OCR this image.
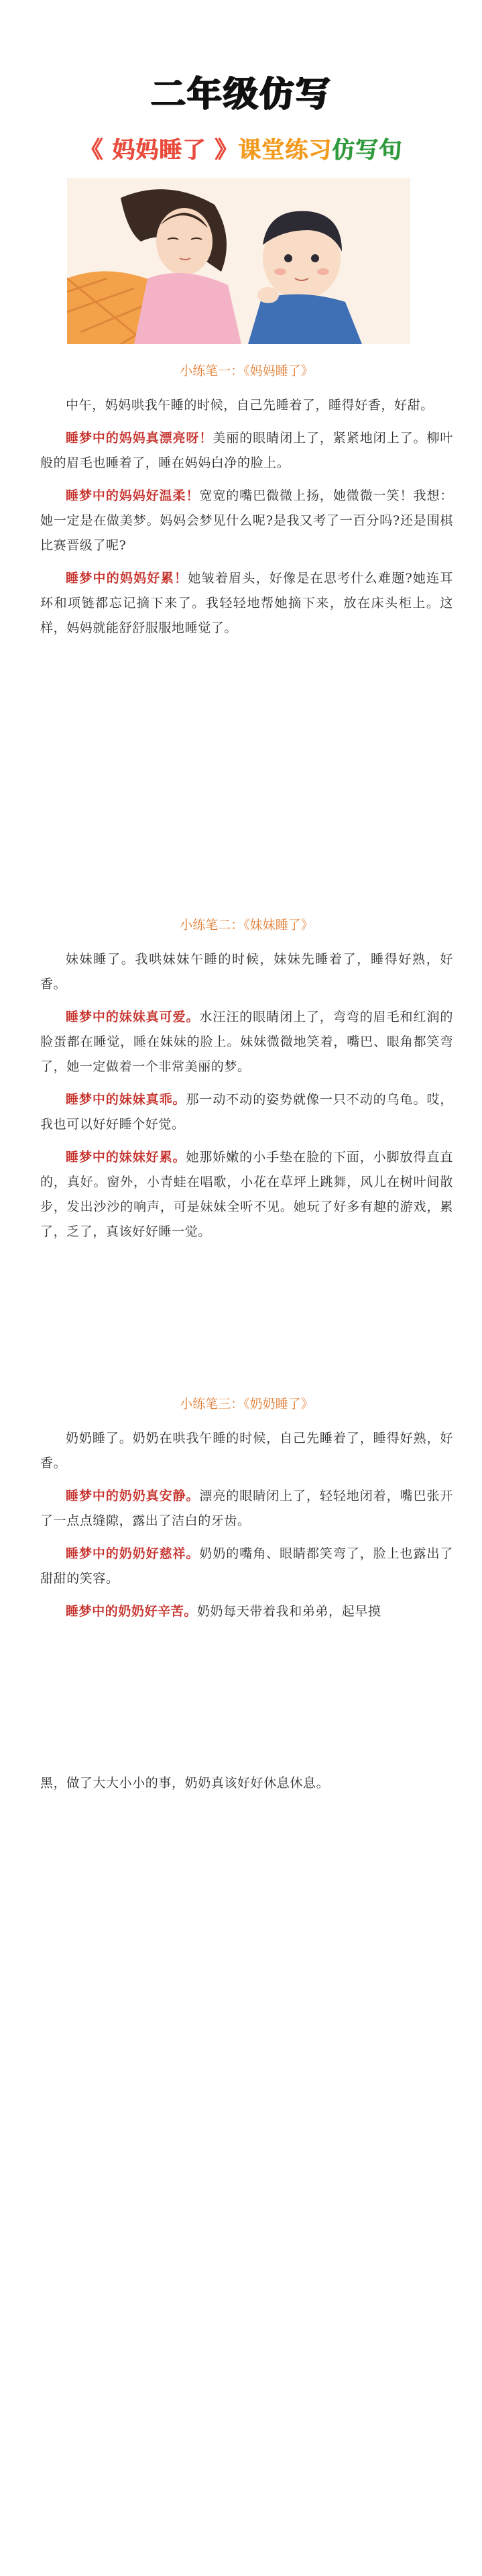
二年级仿写
《 妈妈睡了 》课堂练习仿写句
小练笔一：《妈妈睡了》

中午，妈妈哄我午睡的时候，自己先睡着了，睡得好香，好甜。

睡梦中的妈妈真漂亮呀！美丽的眼睛闭上了，紧紧地闭上了。柳叶般的眉毛也睡着了，睡在妈妈白净的脸上。

睡梦中的妈妈好温柔！宽宽的嘴巴微微上扬，她微微一笑！我想：她一定是在做美梦。妈妈会梦见什么呢?是我又考了一百分吗?还是围棋比赛晋级了呢?

睡梦中的妈妈好累！她皱着眉头，好像是在思考什么难题?她连耳环和项链都忘记摘下来了。我轻轻地帮她摘下来，放在床头柜上。这样，妈妈就能舒舒服服地睡觉了。

小练笔二：《妹妹睡了》

妹妹睡了。我哄妹妹午睡的时候，妹妹先睡着了，睡得好熟，好香。

睡梦中的妹妹真可爱。水汪汪的眼睛闭上了，弯弯的眉毛和红润的脸蛋都在睡觉，睡在妹妹的脸上。妹妹微微地笑着，嘴巴、眼角都笑弯了，她一定做着一个非常美丽的梦。

睡梦中的妹妹真乖。那一动不动的姿势就像一只不动的乌龟。哎，我也可以好好睡个好觉。

睡梦中的妹妹好累。她那娇嫩的小手垫在脸的下面，小脚放得直直的，真好。窗外，小青蛙在唱歌，小花在草坪上跳舞，风儿在树叶间散步，发出沙沙的响声，可是妹妹全听不见。她玩了好多有趣的游戏，累了，乏了，真该好好睡一觉。

小练笔三：《奶奶睡了》

奶奶睡了。奶奶在哄我午睡的时候，自己先睡着了，睡得好熟，好香。

睡梦中的奶奶真安静。漂亮的眼睛闭上了，轻轻地闭着，嘴巴张开了一点点缝隙，露出了洁白的牙齿。

睡梦中的奶奶好慈祥。奶奶的嘴角、眼睛都笑弯了，脸上也露出了甜甜的笑容。

睡梦中的奶奶好辛苦。奶奶每天带着我和弟弟，起早摸

黑，做了大大小小的事，奶奶真该好好休息休息。
